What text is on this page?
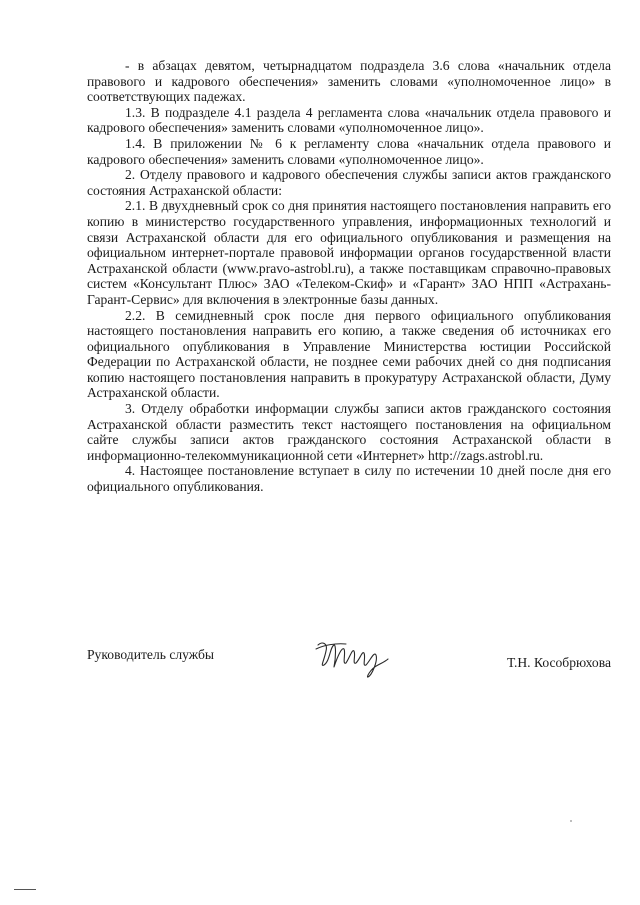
- в абзацах девятом, четырнадцатом подраздела 3.6 слова «начальник отдела правового и кадрового обеспечения» заменить словами «уполномоченное лицо» в соответствующих падежах.

1.3. В подразделе 4.1 раздела 4 регламента слова «начальник отдела правового и кадрового обеспечения» заменить словами «уполномоченное лицо».

1.4. В приложении № 6 к регламенту слова «начальник отдела правового и кадрового обеспечения» заменить словами «уполномоченное лицо».

2. Отделу правового и кадрового обеспечения службы записи актов гражданского состояния Астраханской области:

2.1. В двухдневный срок со дня принятия настоящего постановления направить его копию в министерство государственного управления, информационных технологий и связи Астраханской области для его официального опубликования и размещения на официальном интернет-портале правовой информации органов государственной власти Астраханской области (www.pravo-astrobl.ru), а также поставщикам справочно-правовых систем «Консультант Плюс» ЗАО «Телеком-Скиф» и «Гарант» ЗАО НПП «Астрахань-Гарант-Сервис» для включения в электронные базы данных.

2.2. В семидневный срок после дня первого официального опубликования настоящего постановления направить его копию, а также сведения об источниках его официального опубликования в Управление Министерства юстиции Российской Федерации по Астраханской области, не позднее семи рабочих дней со дня подписания копию настоящего постановления направить в прокуратуру Астраханской области, Думу Астраханской области.

3. Отделу обработки информации службы записи актов гражданского состояния Астраханской области разместить текст настоящего постановления на официальном сайте службы записи актов гражданского состояния Астраханской области в информационно-телекоммуникационной сети «Интернет» http://zags.astrobl.ru.

4. Настоящее постановление вступает в силу по истечении 10 дней после дня его официального опубликования.

Руководитель службы
Т.Н. Кособрюхова
